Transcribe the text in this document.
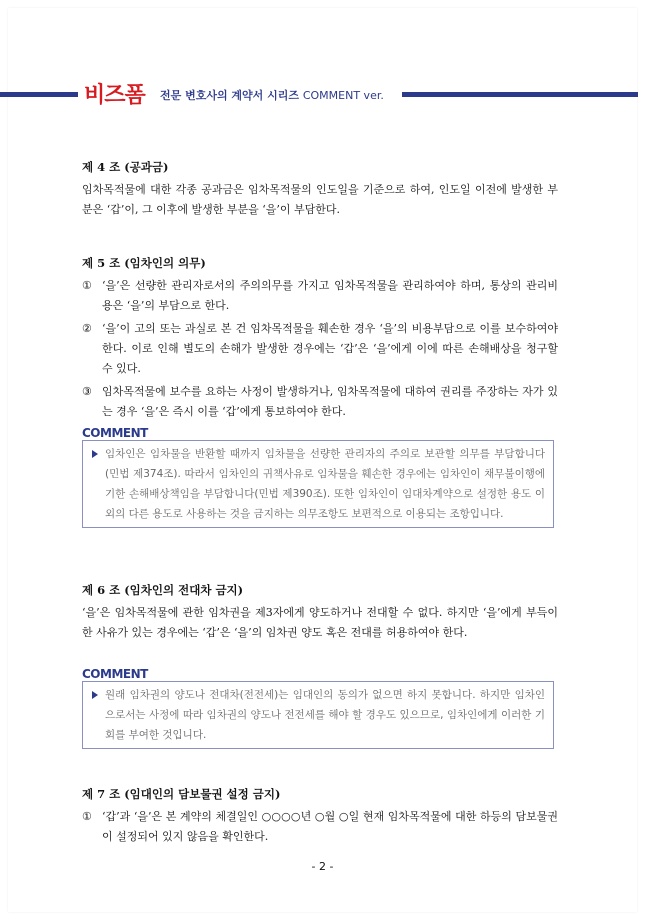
비즈폼 전문 변호사의 계약서 시리즈 COMMENT ver.

제 4 조 (공과금)

임차목적물에 대한 각종 공과금은 임차목적물의 인도일을 기준으로 하여, 인도일 이전에 발생한 부분은 ‘갑’이, 그 이후에 발생한 부분을 ‘을’이 부담한다.

제 5 조 (임차인의 의무)

① ‘을’은 선량한 관리자로서의 주의의무를 가지고 임차목적물을 관리하여야 하며, 통상의 관리비용은 ‘을’의 부담으로 한다.
② ‘을’이 고의 또는 과실로 본 건 임차목적물을 훼손한 경우 ‘을’의 비용부담으로 이를 보수하여야 한다. 이로 인해 별도의 손해가 발생한 경우에는 ‘갑’은 ‘을’에게 이에 따른 손해배상을 청구할 수 있다.
③ 임차목적물에 보수를 요하는 사정이 발생하거나, 임차목적물에 대하여 권리를 주장하는 자가 있는 경우 ‘을’은 즉시 이를 ‘갑’에게 통보하여야 한다.
COMMENT
임차인은 임차물을 반환할 때까지 임차물을 선량한 관리자의 주의로 보관할 의무를 부담합니다(민법 제374조). 따라서 임차인의 귀책사유로 임차물을 훼손한 경우에는 임차인이 채무불이행에 기한 손해배상책임을 부담합니다(민법 제390조). 또한 임차인이 임대차계약으로 설정한 용도 이외의 다른 용도로 사용하는 것을 금지하는 의무조항도 보편적으로 이용되는 조항입니다.

제 6 조 (임차인의 전대차 금지)

‘을’은 임차목적물에 관한 임차권을 제3자에게 양도하거나 전대할 수 없다. 하지만 ‘을’에게 부득이한 사유가 있는 경우에는 ‘갑’은 ‘을’의 임차권 양도 혹은 전대를 허용하여야 한다.

COMMENT
원래 임차권의 양도나 전대차(전전세)는 임대인의 동의가 없으면 하지 못합니다. 하지만 임차인으로서는 사정에 따라 임차권의 양도나 전전세를 해야 할 경우도 있으므로, 임차인에게 이러한 기회를 부여한 것입니다.

제 7 조 (임대인의 담보물권 설정 금지)

① ‘갑’과 ‘을’은 본 계약의 체결일인 ○○○○년 ○월 ○일 현재 임차목적물에 대한 하등의 담보물권이 설정되어 있지 않음을 확인한다.
- 2 -
